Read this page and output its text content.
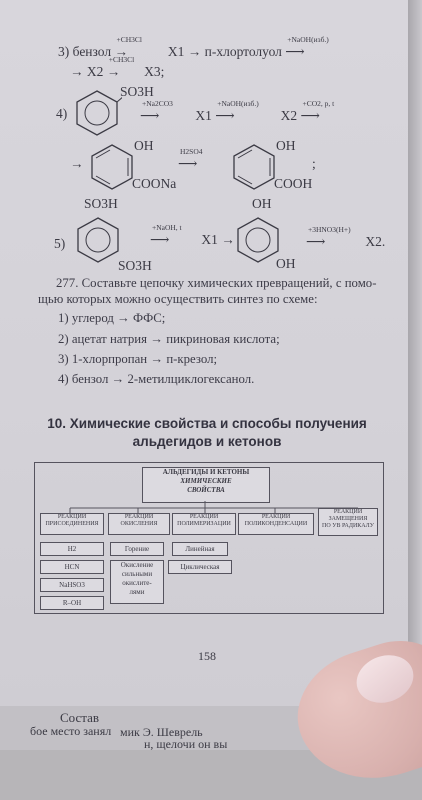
3) бензол
+CH3Cl
→	X1 → п-хлортолуол
+NaOH(изб.)
⟶
→ X2
+CH3Cl
→ X3;
4)
SO3H
+Na2CO3
⟶	X1
+NaOH(изб.)
⟶	X2
+CO2, p, t
⟶
→
OH
COONa
H2SO4
⟶
OH
COOH
;
SO3H
5)
SO3H
+NaOH, t
⟶ X1 →
OH
OH
+3HNO3(H+)
⟶	X2.
277. Составьте цепочку химических превращений, с помо-
щью которых можно осуществить синтез по схеме:
1) углерод → ФФС;
2) ацетат натрия → пикриновая кислота;
3) 1-хлорпропан → п-крезол;
4) бензол → 2-метилциклогексанол.
10. Химические свойства и способы получения
альдегидов и кетонов
АЛЬДЕГИДЫ И КЕТОНЫ
ХИМИЧЕСКИЕ
СВОЙСТВА
РЕАКЦИИ
ПРИСОЕДИНЕНИЯ
РЕАКЦИИ
ОКИСЛЕНИЯ
РЕАКЦИИ
ПОЛИМЕРИЗАЦИИ
РЕАКЦИИ
ПОЛИКОНДЕНСАЦИИ
РЕАКЦИИ
ЗАМЕЩЕНИЯ
ПО УВ РАДИКАЛУ
H2
HCN
NaHSO3
R–OH
Горение
Окисление
сильными
окислите-
лями
Линейная
Циклическая
158
Состав
бое место занял мик Э. Шеврель
н, щелочи он вы
